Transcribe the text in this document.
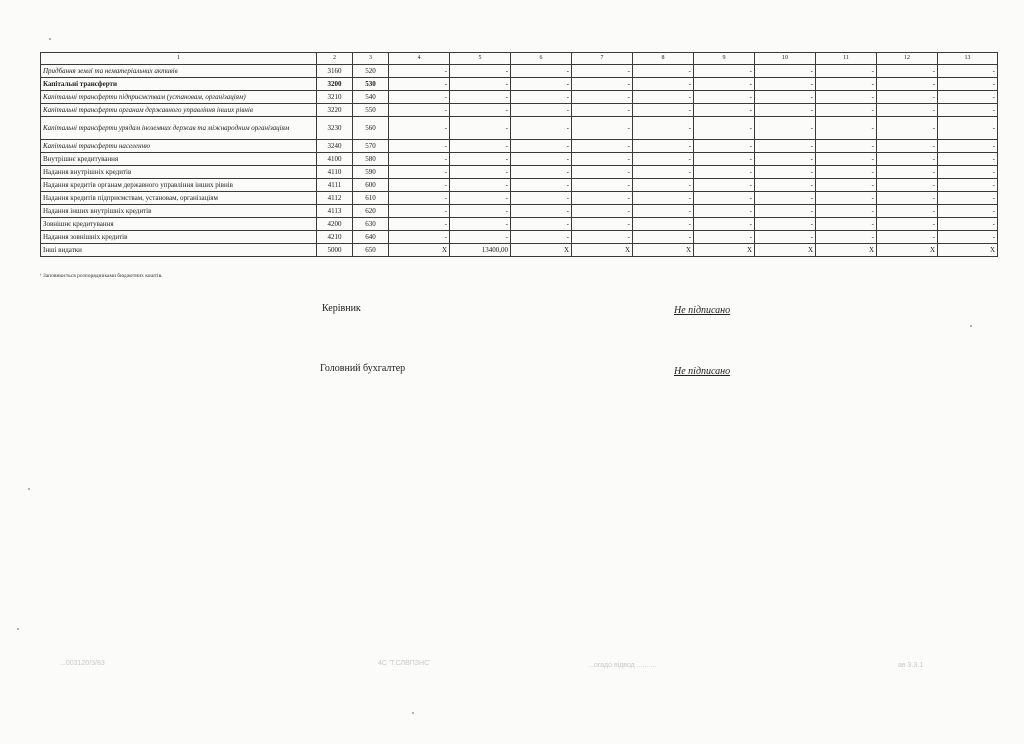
1	2	3	4	5	6	7	8	9	10	11	12	13
Придбання землі та нематеріальних активів	3160	520	-	-	-	-	-	-	-	-	-	-
Капітальні трансферти	3200	530	-	-	-	-	-	-	-	-	-	-
Капітальні трансферти підприємствам (установам, організаціям)	3210	540	-	-	-	-	-	-	-	-	-	-
Капітальні трансферти органам державного управління інших рівнів	3220	550	-	-	-	-	-	-	-	-	-	-
Капітальні трансферти урядам іноземних держав та міжнародним організаціям	3230	560	-	-	-	-	-	-	-	-	-	-
Капітальні трансферти населенню	3240	570	-	-	-	-	-	-	-	-	-	-
Внутрішнє кредитування	4100	580	-	-	-	-	-	-	-	-	-	-
Надання внутрішніх кредитів	4110	590	-	-	-	-	-	-	-	-	-	-
Надання кредитів органам державного управління інших рівнів	4111	600	-	-	-	-	-	-	-	-	-	-
Надання кредитів підприємствам, установам, організаціям	4112	610	-	-	-	-	-	-	-	-	-	-
Надання інших внутрішніх кредитів	4113	620	-	-	-	-	-	-	-	-	-	-
Зовнішнє кредитування	4200	630	-	-	-	-	-	-	-	-	-	-
Надання зовнішніх кредитів	4210	640	-	-	-	-	-	-	-	-	-	-
Інші видатки	5000	650	X	13400,00	X	X	X	X	X	X	X	X
¹ Заповнюється розпорядниками бюджетних коштів.
Керівник	Не підписано
Головний бухгалтер	Не підписано
...003120/3/83	4С 'Т.СЛВПЗНС'	...огадо відвод ..........	ав 3.3.1
